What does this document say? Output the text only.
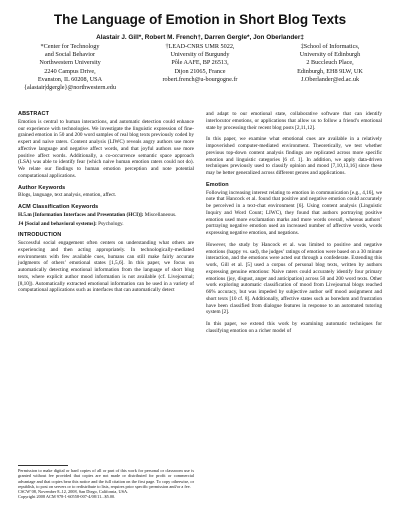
The Language of Emotion in Short Blog Texts
Alastair J. Gill*, Robert M. French†, Darren Gergle*, Jon Oberlander‡
*Center for Technology
and Social Behavior
Northwestern University
2240 Campus Drive,
Evanston, IL 60208, USA
{alastair|dgergle}@northwestern.edu
†LEAD-CNRS UMR 5022,
University of Burgundy
Pôle AAFE, BP 26513,
Dijon 21065, France
robert.french@u-bourgogne.fr
‡School of Informatics,
University of Edinburgh
2 Buccleuch Place,
Edinburgh, EH8 9LW, UK
J.Oberlander@ed.ac.uk
ABSTRACT

Emotion is central to human interactions, and automatic detection could enhance our experience with technologies. We investigate the linguistic expression of fine-grained emotion in 50 and 200 word samples of real blog texts previously coded by expert and naive raters. Content analysis (LIWC) reveals angry authors use more affective language and negative affect words, and that joyful authors use more positive affect words. Additionally, a co-occurrence semantic space approach (LSA) was able to identify fear (which naive human emotion raters could not do). We relate our findings to human emotion perception and note potential computational applications.

Author Keywords

Blogs, language, text analysis, emotion, affect.

ACM Classification Keywords

H.5.m [Information Interfaces and Presentation (HCI)]: Miscellaneous.

J4 [Social and behavioral systems]: Psychology.

INTRODUCTION

Successful social engagement often centers on understanding what others are experiencing and then acting appropriately. In technologically-mediated environments with few available cues, humans can still make fairly accurate judgments of others’ emotional states [1,5,6]. In this paper, we focus on automatically detecting emotional information from the language of short blog texts, where explicit author mood information is not available (cf. Livejournal; [8,10]). Automatically extracted emotional information can be used in a variety of computational applications such as interfaces that can automatically detect

Permission to make digital or hard copies of all or part of this work for personal or classroom use is granted without fee provided that copies are not made or distributed for profit or commercial advantage and that copies bear this notice and the full citation on the first page. To copy otherwise, or republish, to post on servers or to redistribute to lists, requires prior specific permission and/or a fee.
CSCW’08, November 8–12, 2008, San Diego, California, USA.
Copyright 2008 ACM 978-1-60558-007-4/08/11...$5.00.

and adapt to our emotional state, collaborative software that can identify interlocutor emotions, or applications that allow us to follow a friend’s emotional state by processing their recent blog posts [2,11,12].

In this paper, we examine what emotional cues are available in a relatively impoverished computer-mediated environment. Theoretically, we test whether previous top-down content analysis findings are replicated across more specific emotion and linguistic categories [6 cf. 1]. In addition, we apply data-driven techniques previously used to classify opinion and mood [7,10,13,16] since these may be better generalized across different genres and applications.

Emotion

Following increasing interest relating to emotion in communication [e.g., 4,16], we note that Hancock et al. found that positive and negative emotion could accurately be perceived in a text-chat environment [6]. Using content analysis (Linguistic Inquiry and Word Count; LIWC), they found that authors portraying positive emotion used more exclamation marks and more words overall, whereas authors’ portraying negative emotion used an increased number of affective words, words expressing negative emotion, and negations.

However, the study by Hancock et al. was limited to positive and negative emotions (happy vs. sad), the judges’ ratings of emotion were based on a 30 minute interaction, and the emotions were acted out through a confederate. Extending this work, Gill et al. [5] used a corpus of personal blog texts, written by authors expressing genuine emotions: Naive raters could accurately identify four primary emotions (joy, disgust, anger and anticipation) across 50 and 200 word texts. Other work exploring automatic classification of mood from Livejournal blogs reached 66% accuracy, but was impeded by subjective author self mood assignment and short texts [10 cf. 8]. Additionally, affective states such as boredom and frustration have been classified from dialogue features in response to an automated tutoring system [2].

In this paper, we extend this work by examining automatic techniques for classifying emotion on a richer model of
